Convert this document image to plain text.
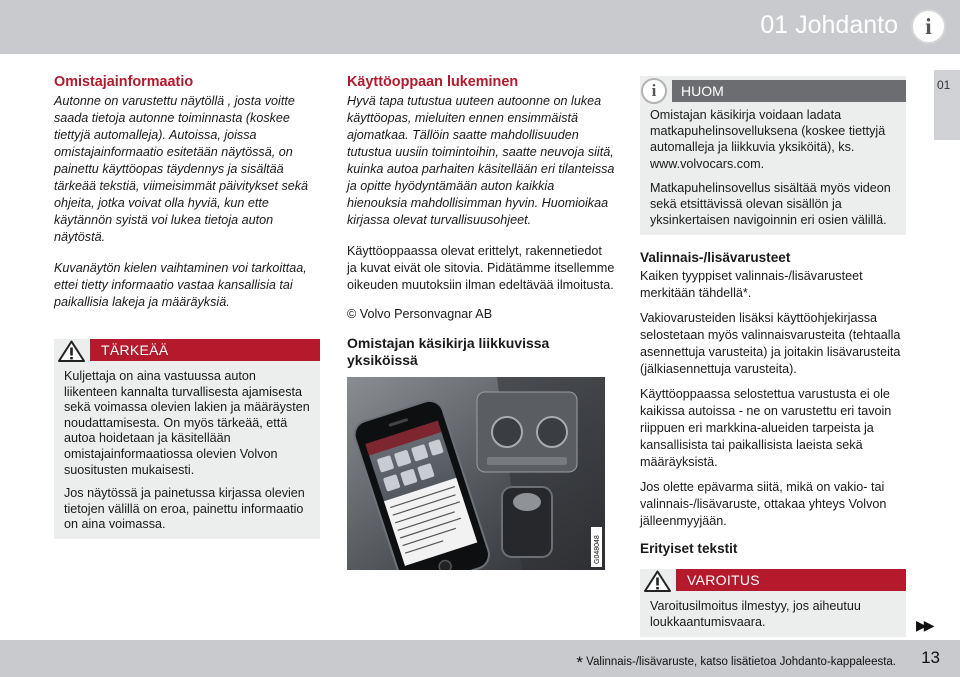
01 Johdanto	i
01
Omistajainformaatio

Autonne on varustettu näytöllä , josta voitte saada tietoja autonne toiminnasta (koskee tiettyjä automalleja). Autoissa, joissa omistajainformaatio esitetään näytössä, on painettu käyttöopas täydennys ja sisältää tärkeää tekstiä, viimeisimmät päivitykset sekä ohjeita, jotka voivat olla hyviä, kun ette käytännön syistä voi lukea tietoja auton näytöstä.

Kuvanäytön kielen vaihtaminen voi tarkoittaa, ettei tietty informaatio vastaa kansallisia tai paikallisia lakeja ja määräyksiä.

TÄRKEÄÄ

Kuljettaja on aina vastuussa auton liikenteen kannalta turvallisesta ajamisesta sekä voimassa olevien lakien ja määräysten noudattamisesta. On myös tärkeää, että autoa hoidetaan ja käsitellään omistajainformaatiossa olevien Volvon suositusten mukaisesti.

Jos näytössä ja painetussa kirjassa olevien tietojen välillä on eroa, painettu informaatio on aina voimassa.

Käyttöoppaan lukeminen

Hyvä tapa tutustua uuteen autoonne on lukea käyttöopas, mieluiten ennen ensimmäistä ajomatkaa. Tällöin saatte mahdollisuuden tutustua uusiin toimintoihin, saatte neuvoja siitä, kuinka autoa parhaiten käsitellään eri tilanteissa ja opitte hyödyntämään auton kaikkia hienouksia mahdollisimman hyvin. Huomioikaa kirjassa olevat turvallisuusohjeet.

Käyttöoppaassa olevat erittelyt, rakennetiedot ja kuvat eivät ole sitovia. Pidätämme itsellemme oikeuden muutoksiin ilman edeltävää ilmoitusta.

© Volvo Personvagnar AB

Omistajan käsikirja liikkuvissa yksiköissä
G048048
i	HUOM

Omistajan käsikirja voidaan ladata matkapuhelinsovelluksena (koskee tiettyjä automalleja ja liikkuvia yksiköitä), ks. www.volvocars.com.

Matkapuhelinsovellus sisältää myös videon sekä etsittävissä olevan sisällön ja yksinkertaisen navigoinnin eri osien välillä.

Valinnais-/lisävarusteet

Kaiken tyyppiset valinnais-/lisävarusteet merkitään tähdellä*.

Vakiovarusteiden lisäksi käyttöohjekirjassa selostetaan myös valinnaisvarusteita (tehtaalla asennettuja varusteita) ja joitakin lisävarusteita (jälkiasennettuja varusteita).

Käyttöoppaassa selostettua varustusta ei ole kaikissa autoissa - ne on varustettu eri tavoin riippuen eri markkina-alueiden tarpeista ja kansallisista tai paikallisista laeista sekä määräyksistä.

Jos olette epävarma siitä, mikä on vakio- tai valinnais-/lisävaruste, ottakaa yhteys Volvon jälleenmyyjään.

Erityiset tekstit
VAROITUS

Varoitusilmoitus ilmestyy, jos aiheutuu loukkaantumisvaara.	▶▶
* Valinnais-/lisävaruste, katso lisätietoa Johdanto-kappaleesta. 13
